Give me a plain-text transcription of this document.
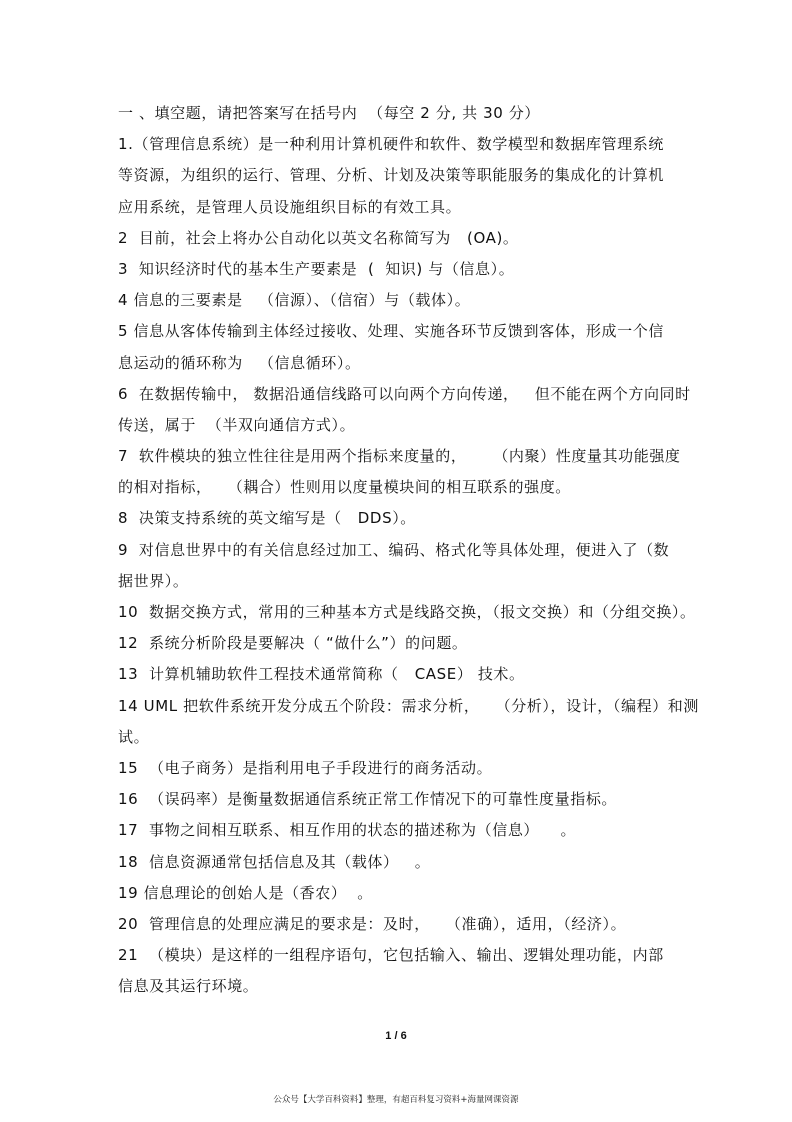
一 、填空题，请把答案写在括号内  （每空 2 分, 共 30 分）
1.（管理信息系统）是一种利用计算机硬件和软件、数学模型和数据库管理系统
等资源，为组织的运行、管理、分析、计划及决策等职能服务的集成化的计算机
应用系统，是管理人员设施组织目标的有效工具。
2  目前，社会上将办公自动化以英文名称简写为   (OA)。
3  知识经济时代的基本生产要素是  (  知识) 与（信息）。
4 信息的三要素是   （信源）、（信宿）与（载体）。
5 信息从客体传输到主体经过接收、处理、实施各环节反馈到客体，形成一个信
息运动的循环称为   （信息循环）。
6  在数据传输中， 数据沿通信线路可以向两个方向传递，   但不能在两个方向同时
传送，属于  （半双向通信方式）。
7  软件模块的独立性往往是用两个指标来度量的，     （内聚）性度量其功能强度
的相对指标，   （耦合）性则用以度量模块间的相互联系的强度。
8  决策支持系统的英文缩写是（   DDS）。
9  对信息世界中的有关信息经过加工、编码、格式化等具体处理，便进入了（数
据世界）。
10  数据交换方式，常用的三种基本方式是线路交换，（报文交换）和（分组交换）。
12  系统分析阶段是要解决（ “做什么”）的问题。
13  计算机辅助软件工程技术通常简称（   CASE） 技术。
14 UML 把软件系统开发分成五个阶段：需求分析，   （分析），设计，（编程）和测
试。
15  （电子商务）是指利用电子手段进行的商务活动。
16  （误码率）是衡量数据通信系统正常工作情况下的可靠性度量指标。
17  事物之间相互联系、相互作用的状态的描述称为（信息）    。
18  信息资源通常包括信息及其（载体）   。
19 信息理论的创始人是（香农）  。
20  管理信息的处理应满足的要求是：及时，   （准确），适用，（经济）。
21  （模块）是这样的一组程序语句，它包括输入、输出、逻辑处理功能，内部
信息及其运行环境。
1 / 6
公众号【大学百科资料】整理，有超百科复习资料+海量网课资源
